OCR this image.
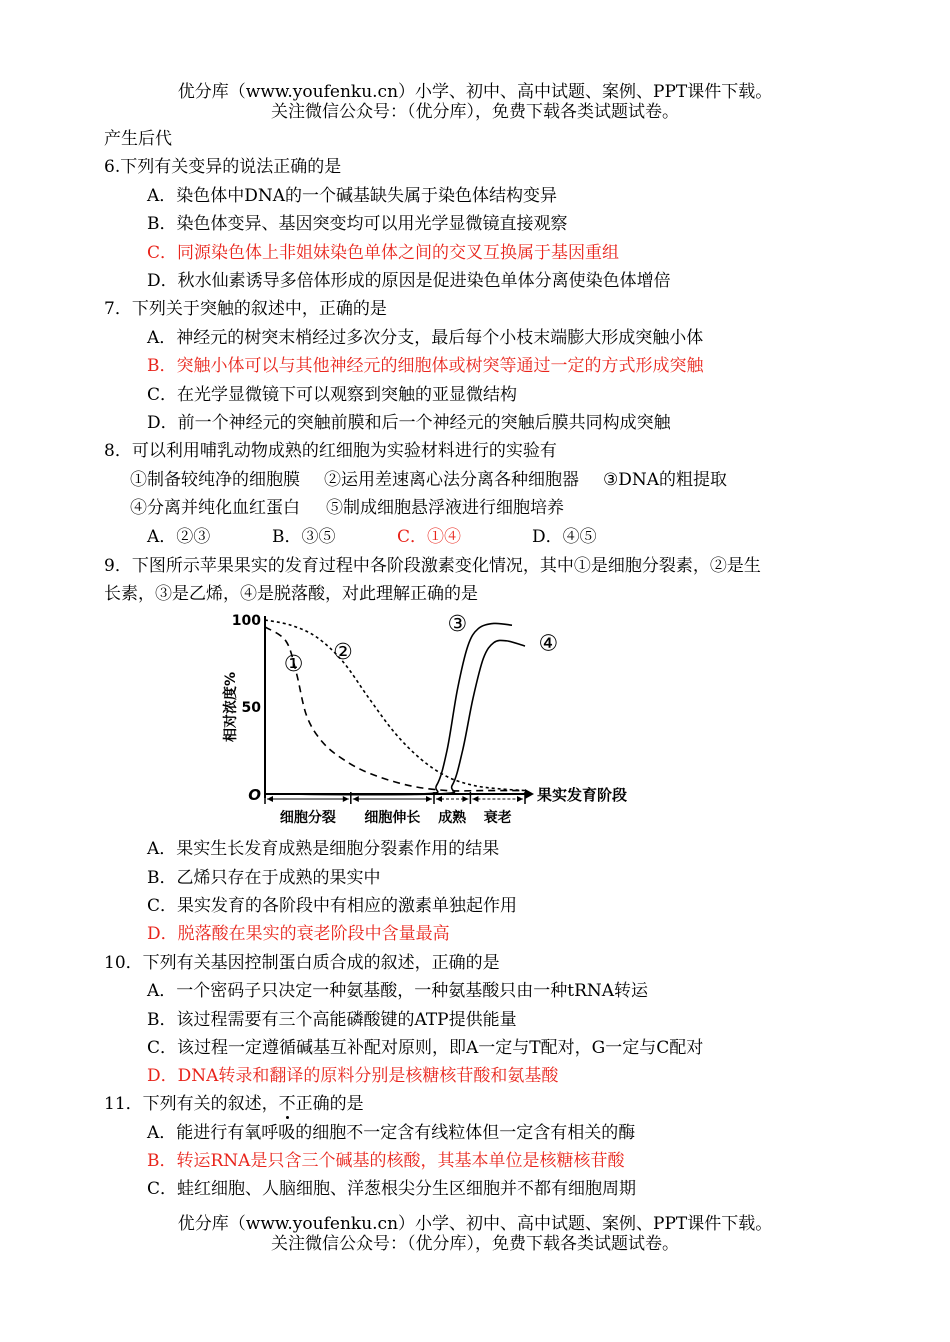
优分库（www.youfenku.cn）小学、初中、高中试题、案例、PPT课件下载。
关注微信公众号：（优分库），免费下载各类试题试卷。
产生后代
6.下列有关变异的说法正确的是
A．染色体中DNA的一个碱基缺失属于染色体结构变异
B．染色体变异、基因突变均可以用光学显微镜直接观察
C．同源染色体上非姐妹染色单体之间的交叉互换属于基因重组
D．秋水仙素诱导多倍体形成的原因是促进染色单体分离使染色体增倍
7．下列关于突触的叙述中，正确的是
A．神经元的树突末梢经过多次分支，最后每个小枝末端膨大形成突触小体
B．突触小体可以与其他神经元的细胞体或树突等通过一定的方式形成突触
C．在光学显微镜下可以观察到突触的亚显微结构
D．前一个神经元的突触前膜和后一个神经元的突触后膜共同构成突触
8．可以利用哺乳动物成熟的红细胞为实验材料进行的实验有
①制备较纯净的细胞膜 ②运用差速离心法分离各种细胞器 ③DNA的粗提取
④分离并纯化血红蛋白 ⑤制成细胞悬浮液进行细胞培养
A．②③	B．③⑤	C．①④	D．④⑤
9．下图所示苹果果实的发育过程中各阶段激素变化情况，其中①是细胞分裂素，②是生
长素，③是乙烯，④是脱落酸，对此理解正确的是
100
50
O
相对浓度%
果实发育阶段
细胞分裂 细胞伸长 成熟 衰老
① ②
③
④
A．果实生长发育成熟是细胞分裂素作用的结果
B．乙烯只存在于成熟的果实中
C．果实发育的各阶段中有相应的激素单独起作用
D．脱落酸在果实的衰老阶段中含量最高
10．下列有关基因控制蛋白质合成的叙述，正确的是
A．一个密码子只决定一种氨基酸，一种氨基酸只由一种tRNA转运
B．该过程需要有三个高能磷酸键的ATP提供能量
C．该过程一定遵循碱基互补配对原则，即A一定与T配对，G一定与C配对
D．DNA转录和翻译的原料分别是核糖核苷酸和氨基酸
11．下列有关的叙述，不正确的是
A．能进行有氧呼吸的细胞不一定含有线粒体但一定含有相关的酶
B．转运RNA是只含三个碱基的核酸，其基本单位是核糖核苷酸
C．蛙红细胞、人脑细胞、洋葱根尖分生区细胞并不都有细胞周期
优分库（www.youfenku.cn）小学、初中、高中试题、案例、PPT课件下载。
关注微信公众号：（优分库），免费下载各类试题试卷。
